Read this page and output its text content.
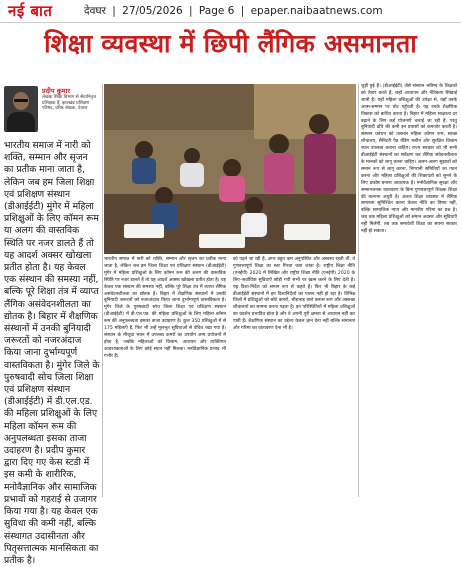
नई बात	देवघर | 27/05/2026 | Page 6 | epaper.naibaatnews.com
शिक्षा व्यवस्था में छिपी लैंगिक असमानता
प्रदीप कुमार
लेखक शिक्षा विभाग से सेवानिवृत्त प्रशिक्षक हैं, झारखंड प्रशिक्षण परिषद, वरिष्ठ लेखक, देवघर
भारतीय समाज में नारी को शक्ति, सम्मान और सृजन का प्रतीक माना जाता है, लेकिन जब हम जिला शिक्षा एवं प्रशिक्षण संस्थान (डीआईईटी) मुंगेर में महिला प्रशिक्षुओं के लिए कॉमन रूम या अलग की वास्तविक स्थिति पर नजर डालते हैं तो यह आदर्श अक्सर खोखला प्रतीत होता है। यह केवल एक संस्थान की समस्या नहीं, बल्कि पूरे शिक्षा तंत्र में व्याप्त लैंगिक असंवेदनशीलता का द्योतक है। बिहार में शैक्षणिक संस्थानों में उनकी बुनियादी जरूरतों को नजरअंदाज किया जाना दुर्भाग्यपूर्ण वास्तविकता है। मुंगेर जिले के पुरुषवादी सोच जिला शिक्षा एवं प्रशिक्षण संस्थान (डीआईईटी) में डी.एल.एड. की महिला प्रशिक्षुओं के लिए महिला कॉमन रूम की अनुपलब्धता इसका ताजा उदाहरण है। प्रदीप कुमार द्वारा दिए गए केस स्टडी में इस कमी के शारीरिक, मनोवैज्ञानिक और सामाजिक प्रभावों को गहराई से उजागर किया गया है। यह केवल एक सुविधा की कमी नहीं, बल्कि संस्थागत उदासीनता और पितृसत्तात्मक मानसिकता का प्रतीक है।
भारतीय समाज में नारी को शक्ति, सम्मान और सृजन का प्रतीक माना जाता है, लेकिन जब हम जिला शिक्षा एवं प्रशिक्षण संस्थान (डीआईईटी) मुंगेर में महिला प्रशिक्षुओं के लिए कॉमन रूम की अलग की वास्तविक स्थिति पर नजर डालते हैं तो यह आदर्श अक्सर खोखला प्रतीत होता है। यह केवल एक संस्थान की समस्या नहीं, बल्कि पूरे शिक्षा तंत्र में व्याप्त लैंगिक असंवेदनशीलता का द्योतक है। बिहार में शैक्षणिक संस्थानों में उनकी बुनियादी जरूरतों को नजरअंदाज किया जाना दुर्भाग्यपूर्ण वास्तविकता है। मुंगेर जिले के पुरुषवादी सोच जिला शिक्षा एवं प्रशिक्षण संस्थान (डीआईईटी) में डी.एल.एड. की महिला प्रशिक्षुओं के लिए महिला कॉमन रूम की अनुपलब्धता इसका ताजा उदाहरण है। कुल 350 प्रशिक्षुओं में से 175 महिलाएँ हैं, फिर भी उन्हें मूलभूत सुविधाओं से वंचित रखा गया है। संस्थान के मौजूदा भवन में उपलब्ध कमरों का उपयोग अन्य प्रयोजनों में होता है, जबकि महिलाओं को विश्राम, अध्ययन और व्यक्तिगत आवश्यकताओं के लिए कोई स्थान नहीं मिलता। मनोवैज्ञानिक प्रभाव भी गंभीर हैं।
को पढ़ने जा रही हैं, अगर बहुत कम अनुपस्थित और अस्वस्थ रहती थीं, वे गुणवत्तापूर्ण शिक्षा का स्तर गिरता चला जाता है। राष्ट्रीय शिक्षा नीति (एनईपी) 2020 में लिखित और राष्ट्रीय शिक्षा नीति (एनईपी) 2020 के लिए–सर्वाधिक सुविधाएँ छोड़ी गयी सभी पर खत्म करने के लिए देती है। यह दिशा-निर्देश को समान रूप से कहते हैं। फिर भी बिहार के कई डीआईईटी संस्थानों में इन दिशानिर्देशों का पालन नहीं हो रहा है। विभिन्न जिलों में प्रशिक्षुओं को छोटे कमरों, भीड़भाड़ वाले क्लास रूम और अस्वच्छ शौचालयों का सामना करना पड़ता है। इन परिस्थितियों में महिला प्रशिक्षुओं का प्रदर्शन प्रभावित होता है और वे अपनी पूरी क्षमता से अध्ययन नहीं कर पाती हैं। शैक्षणिक संस्थान का उद्देश्य केवल ज्ञान देना नहीं बल्कि समानता और गरिमा का वातावरण देना भी है।
जुड़ी हुई हैं। (डीआईईटी) जैसे संस्थान भविष्य के शिक्षकों को तैयार करते हैं, जहाँ अध्यापन और नैतिकता सिखाई जाती है। यहाँ महिला प्रशिक्षुओं की उपेक्षा से, वहाँ उनके आत्म-सम्मान पर चोट पहुँचती है। यह उनके शैक्षणिक विकास को बाधित करता है। बिहार में महिला साक्षरता दर बढ़ाने के लिए कई योजनाएँ चलाई जा रही हैं, परंतु बुनियादी ढाँचे की कमी इन प्रयासों को कमजोर करती है। संस्थान प्रबंधन को तत्काल महिला कॉमन रूम, स्वच्छ शौचालय, सैनिटरी पैड वेंडिंग मशीन और सुरक्षित विश्राम स्थल उपलब्ध कराना चाहिए। राज्य सरकार को भी सभी डीआईईटी संस्थानों का सर्वेक्षण कर लैंगिक संवेदनशीलता के मानकों को लागू करना चाहिए। अलग-अलग सुझावों को समान रूप से लागू करना, निगरानी समितियों का गठन करना और महिला प्रशिक्षुओं की शिकायतों को सुनने के लिए प्रकोष्ठ बनाना आवश्यक है। मनोवैज्ञानिक सुरक्षा और सम्मानजनक वातावरण के बिना गुणवत्तापूर्ण शिक्षक शिक्षा की कल्पना अधूरी है। अंततः शिक्षा व्यवस्था में लैंगिक समानता सुनिश्चित करना केवल नीति का विषय नहीं, बल्कि सामाजिक न्याय और मानवीय गरिमा का प्रश्न है। जब तक महिला प्रशिक्षुओं को समान अवसर और सुविधाएँ नहीं मिलेंगी, तब तक समावेशी शिक्षा का सपना साकार नहीं हो सकता।
